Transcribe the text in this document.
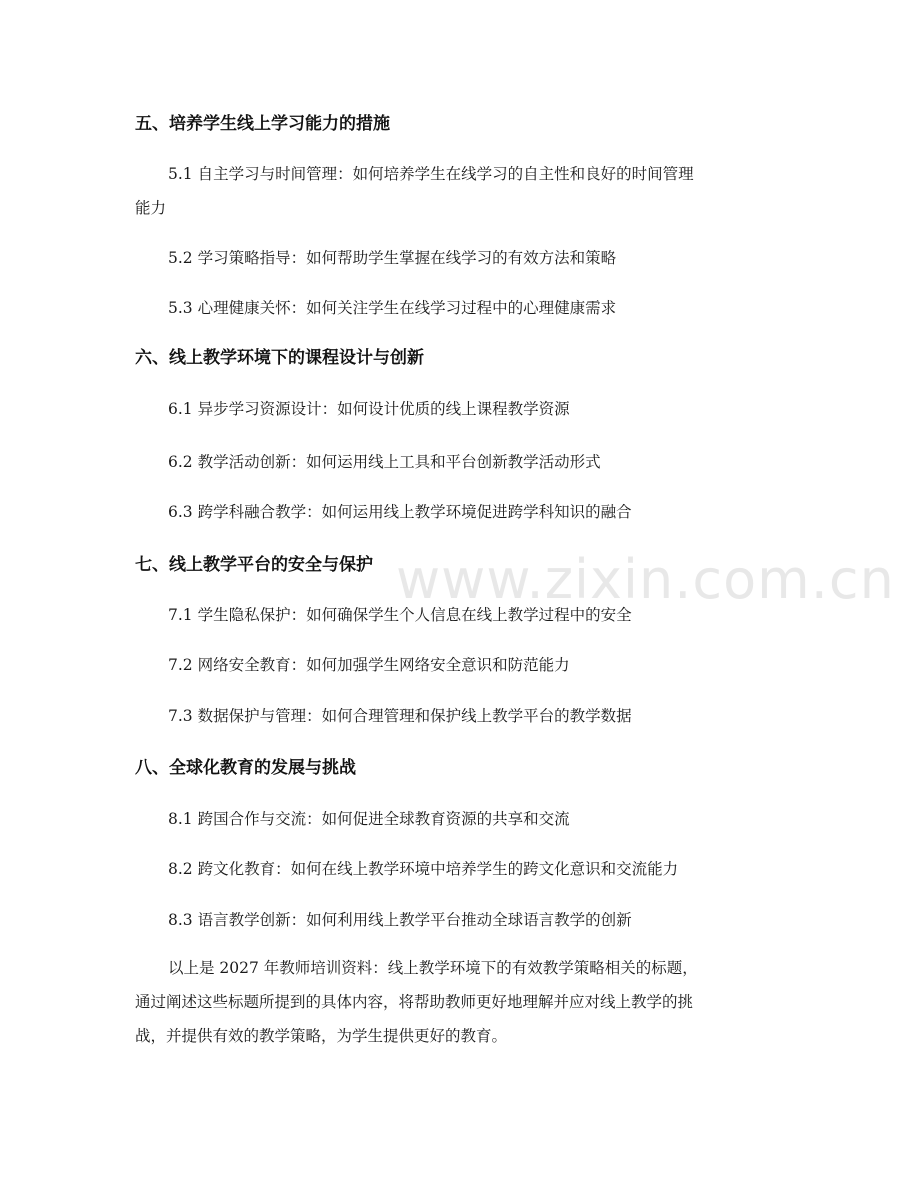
五、培养学生线上学习能力的措施
5.1 自主学习与时间管理：如何培养学生在线学习的自主性和良好的时间管理
能力
5.2 学习策略指导：如何帮助学生掌握在线学习的有效方法和策略
5.3 心理健康关怀：如何关注学生在线学习过程中的心理健康需求
六、线上教学环境下的课程设计与创新
6.1 异步学习资源设计：如何设计优质的线上课程教学资源
6.2 教学活动创新：如何运用线上工具和平台创新教学活动形式
6.3 跨学科融合教学：如何运用线上教学环境促进跨学科知识的融合
七、线上教学平台的安全与保护
7.1 学生隐私保护：如何确保学生个人信息在线上教学过程中的安全
7.2 网络安全教育：如何加强学生网络安全意识和防范能力
7.3 数据保护与管理：如何合理管理和保护线上教学平台的教学数据
八、全球化教育的发展与挑战
8.1 跨国合作与交流：如何促进全球教育资源的共享和交流
8.2 跨文化教育：如何在线上教学环境中培养学生的跨文化意识和交流能力
8.3 语言教学创新：如何利用线上教学平台推动全球语言教学的创新
以上是 2027 年教师培训资料：线上教学环境下的有效教学策略相关的标题，
通过阐述这些标题所提到的具体内容，将帮助教师更好地理解并应对线上教学的挑
战，并提供有效的教学策略，为学生提供更好的教育。
www.zixin.com.cn
